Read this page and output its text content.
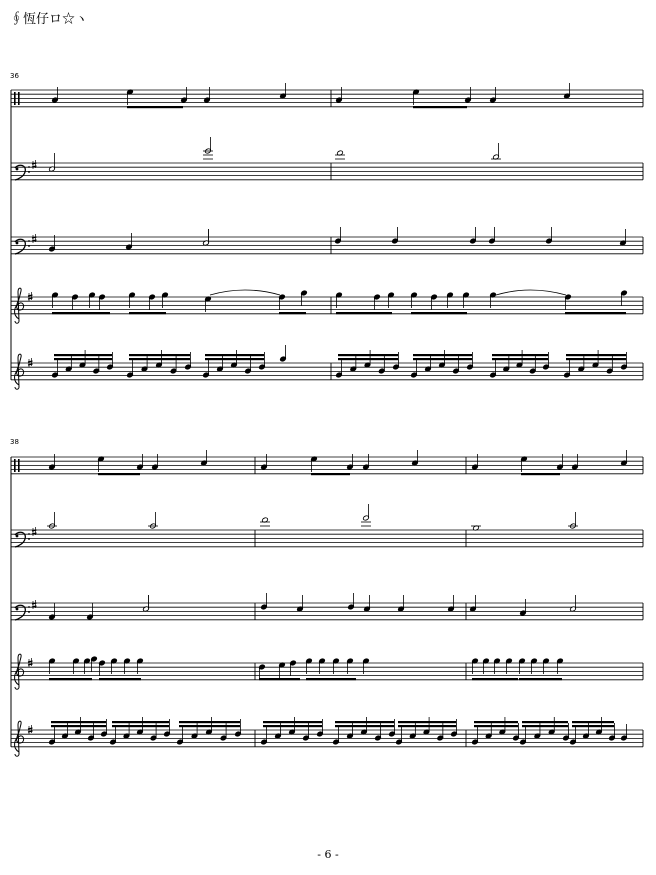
∮恆仔ロ☆ヽ
36
38
- 6 -
